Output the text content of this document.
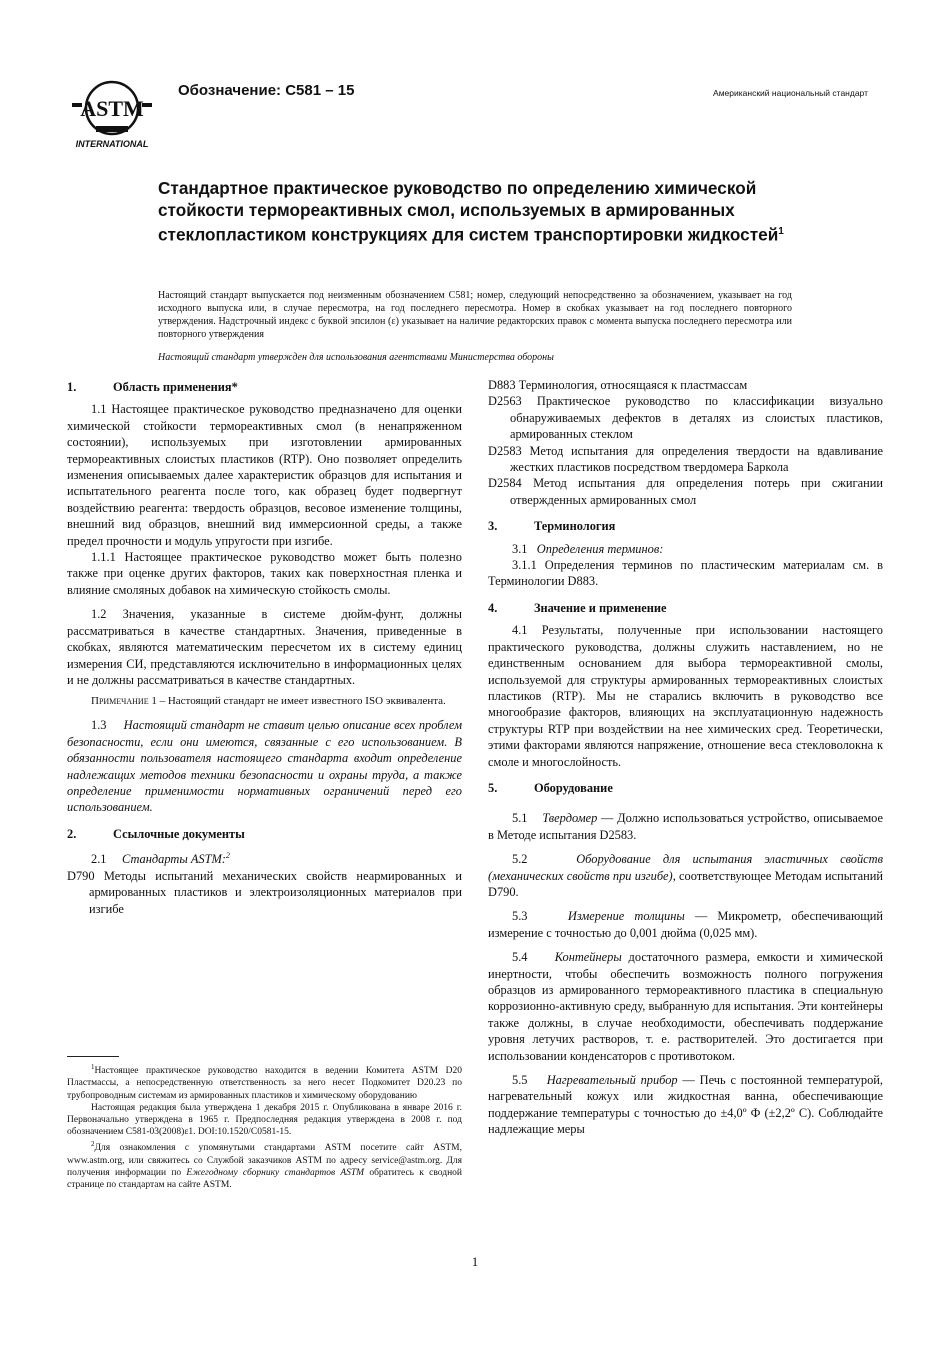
ASTM
INTERNATIONAL
Обозначение: C581 – 15	Американский национальный стандарт
Стандартное практическое руководство по определению химической стойкости термореактивных смол, используемых в армированных стеклопластиком конструкциях для систем транспортировки жидкостей$^1$

Настоящий стандарт выпускается под неизменным обозначением C581; номер, следующий непосредственно за обозначением, указывает на год исходного выпуска или, в случае пересмотра, на год последнего пересмотра. Номер в скобках указывает на год последнего повторного утверждения. Надстрочный индекс с буквой эпсилон (ε) указывает на наличие редакторских правок с момента выпуска последнего пересмотра или повторного утверждения

Настоящий стандарт утвержден для использования агентствами Министерства обороны

1.	Область применения*

1.1 Настоящее практическое руководство предназначено для оценки химической стойкости термореактивных смол (в ненапряженном состоянии), используемых при изготовлении армированных термореактивных слоистых пластиков (RTP). Оно позволяет определить изменения описываемых далее характеристик образцов для испытания и испытательного реагента после того, как образец будет подвергнут воздействию реагента: твердость образцов, весовое изменение толщины, внешний вид образцов, внешний вид иммерсионной среды, а также предел прочности и модуль упругости при изгибе.

1.1.1 Настоящее практическое руководство может быть полезно также при оценке других факторов, таких как поверхностная пленка и влияние смоляных добавок на химическую стойкость смолы.

1.2 Значения, указанные в системе дюйм-фунт, должны рассматриваться в качестве стандартных. Значения, приведенные в скобках, являются математическим пересчетом их в систему единиц измерения СИ, представляются исключительно в информационных целях и не должны рассматриваться в качестве стандартных.

Примечание 1 – Настоящий стандарт не имеет известного ISO эквивалента.

1.3 Настоящий стандарт не ставит целью описание всех проблем безопасности, если они имеются, связанные с его использованием. В обязанности пользователя настоящего стандарта входит определение надлежащих методов техники безопасности и охраны труда, а также определение применимости нормативных ограничений перед его использованием.

2.	Ссылочные документы

2.1 Стандарты ASTM:$^2$

D790 Методы испытаний механических свойств неармированных и армированных пластиков и электроизоляционных материалов при изгибе

$^1$Настоящее практическое руководство находится в ведении Комитета ASTM D20 Пластмассы, а непосредственную ответственность за него несет Подкомитет D20.23 по трубопроводным системам из армированных пластиков и химическому оборудованию

Настоящая редакция была утверждена 1 декабря 2015 г. Опубликована в январе 2016 г. Первоначально утверждена в 1965 г. Предпоследняя редакция утверждена в 2008 г. под обозначением C581-03(2008)ε1. DOI:10.1520/C0581-15.

$^2$Для ознакомления с упомянутыми стандартами ASTM посетите сайт ASTM, www.astm.org, или свяжитесь со Службой заказчиков ASTM по адресу service@astm.org. Для получения информации по Ежегодному сборнику стандартов ASTM обратитесь к сводной странице по стандартам на сайте ASTM.

D883 Терминология, относящаяся к пластмассам

D2563 Практическое руководство по классификации визуально обнаруживаемых дефектов в деталях из слоистых пластиков, армированных стеклом

D2583 Метод испытания для определения твердости на вдавливание жестких пластиков посредством твердомера Баркола

D2584 Метод испытания для определения потерь при сжигании отвержденных армированных смол

3.	Терминология

3.1 Определения терминов:

3.1.1 Определения терминов по пластическим материалам см. в Терминологии D883.

4.	Значение и применение

4.1 Результаты, полученные при использовании настоящего практического руководства, должны служить наставлением, но не единственным основанием для выбора термореактивной смолы, используемой для структуры армированных термореактивных слоистых пластиков (RTP). Мы не старались включить в руководство все многообразие факторов, влияющих на эксплуатационную надежность структуры RTP при воздействии на нее химических сред. Теоретически, этими факторами являются напряжение, отношение веса стекловолокна к смоле и многослойность.

5.	Оборудование

5.1 Твердомер — Должно использоваться устройство, описываемое в Методе испытания D2583.

5.2	Оборудование для испытания эластичных свойств (механических свойств при изгибе), соответствующее Методам испытаний D790.

5.3	Измерение толщины — Микрометр, обеспечивающий измерение с точностью до 0,001 дюйма (0,025 мм).

5.4 Контейнеры достаточного размера, емкости и химической инертности, чтобы обеспечить возможность полного погружения образцов из армированного термореактивного пластика в специальную коррозионно-активную среду, выбранную для испытания. Эти контейнеры также должны, в случае необходимости, обеспечивать поддержание уровня летучих растворов, т. е. растворителей. Это достигается при использовании конденсаторов с противотоком.

5.5 Нагревательный прибор — Печь с постоянной температурой, нагревательный кожух или жидкостная ванна, обеспечивающие поддержание температуры с точностью до ±4,0º Ф (±2,2º С). Соблюдайте надлежащие меры

1
